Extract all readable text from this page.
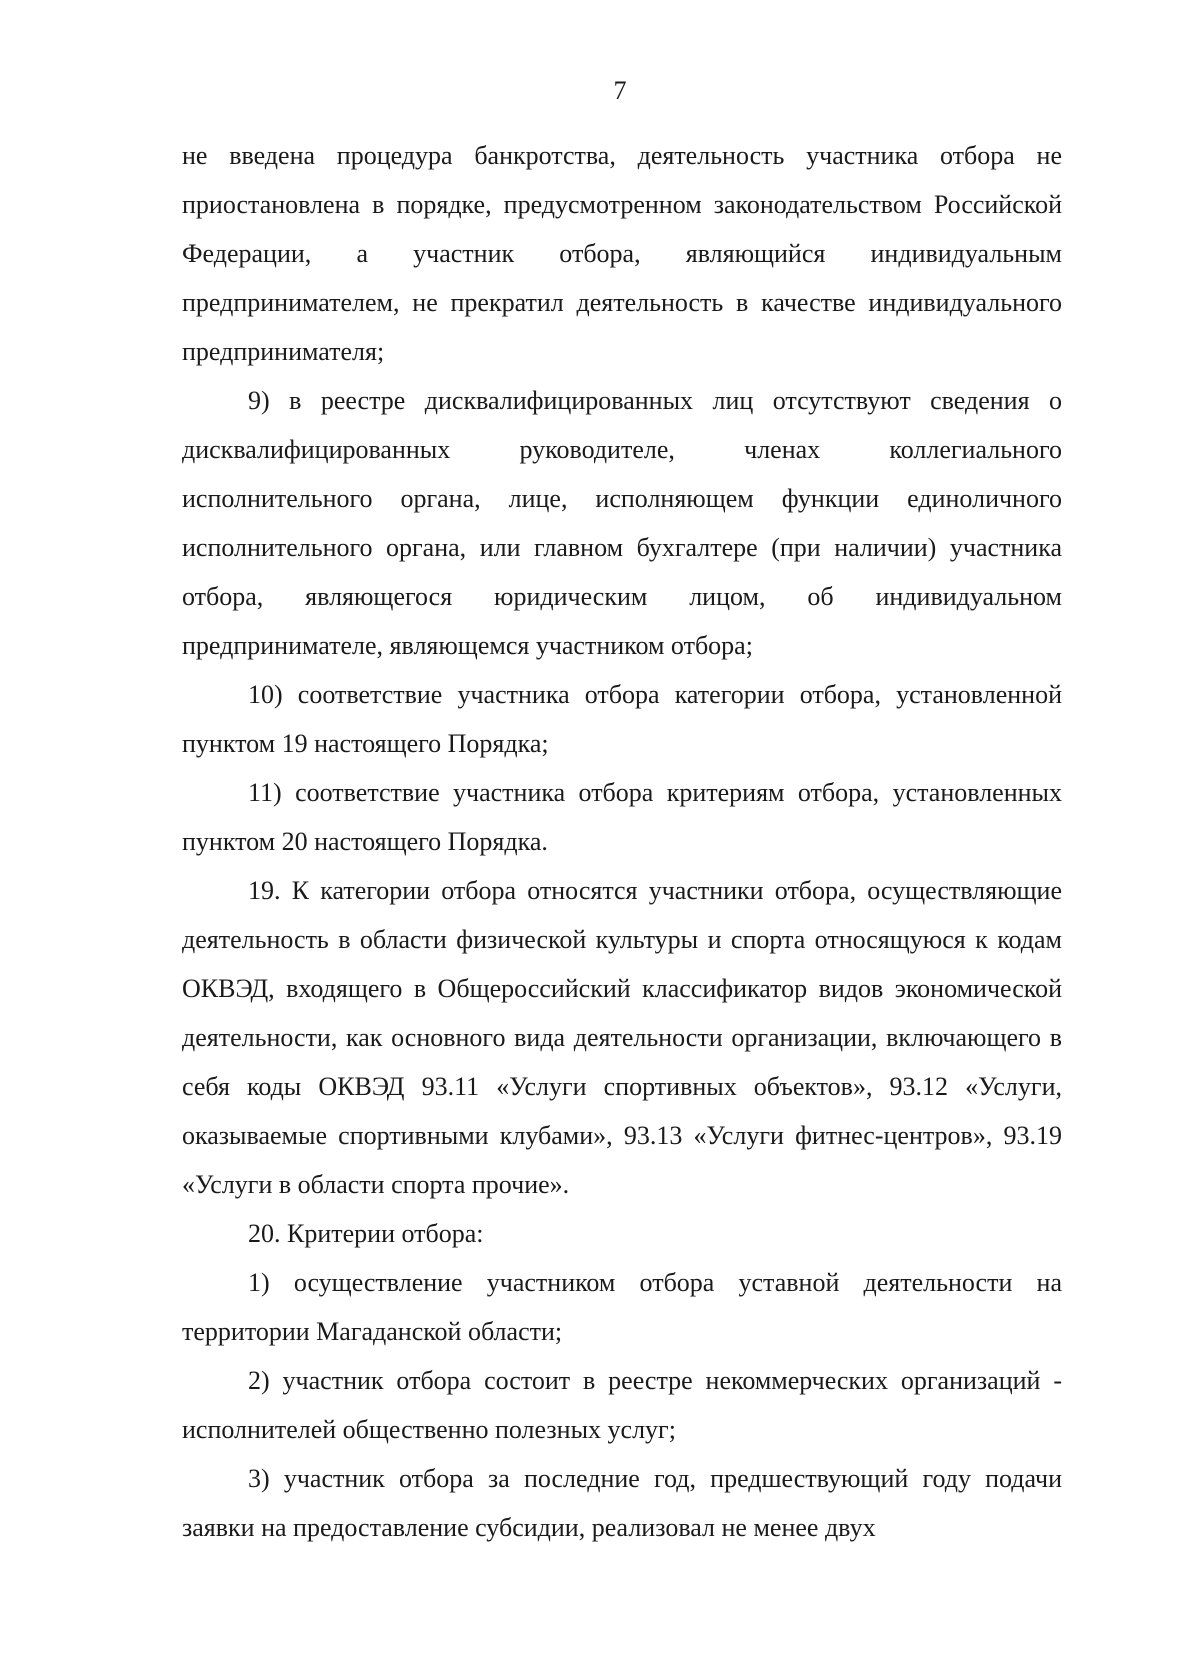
7

не введена процедура банкротства, деятельность участника отбора не приостановлена в порядке, предусмотренном законодательством Российской Федерации, а участник отбора, являющийся индивидуальным предпринимателем, не прекратил деятельность в качестве индивидуального предпринимателя;

9) в реестре дисквалифицированных лиц отсутствуют сведения о дисквалифицированных руководителе, членах коллегиального исполнительного органа, лице, исполняющем функции единоличного исполнительного органа, или главном бухгалтере (при наличии) участника отбора, являющегося юридическим лицом, об индивидуальном предпринимателе, являющемся участником отбора;

10) соответствие участника отбора категории отбора, установленной пунктом 19 настоящего Порядка;

11) соответствие участника отбора критериям отбора, установленных пунктом 20 настоящего Порядка.

19. К категории отбора относятся участники отбора, осуществляющие деятельность в области физической культуры и спорта относящуюся к кодам ОКВЭД, входящего в Общероссийский классификатор видов экономической деятельности, как основного вида деятельности организации, включающего в себя коды ОКВЭД 93.11 «Услуги спортивных объектов», 93.12 «Услуги, оказываемые спортивными клубами», 93.13 «Услуги фитнес-центров», 93.19 «Услуги в области спорта прочие».

20. Критерии отбора:

1) осуществление участником отбора уставной деятельности на территории Магаданской области;

2) участник отбора состоит в реестре некоммерческих организаций - исполнителей общественно полезных услуг;

3) участник отбора за последние год, предшествующий году подачи заявки на предоставление субсидии, реализовал не менее двух
